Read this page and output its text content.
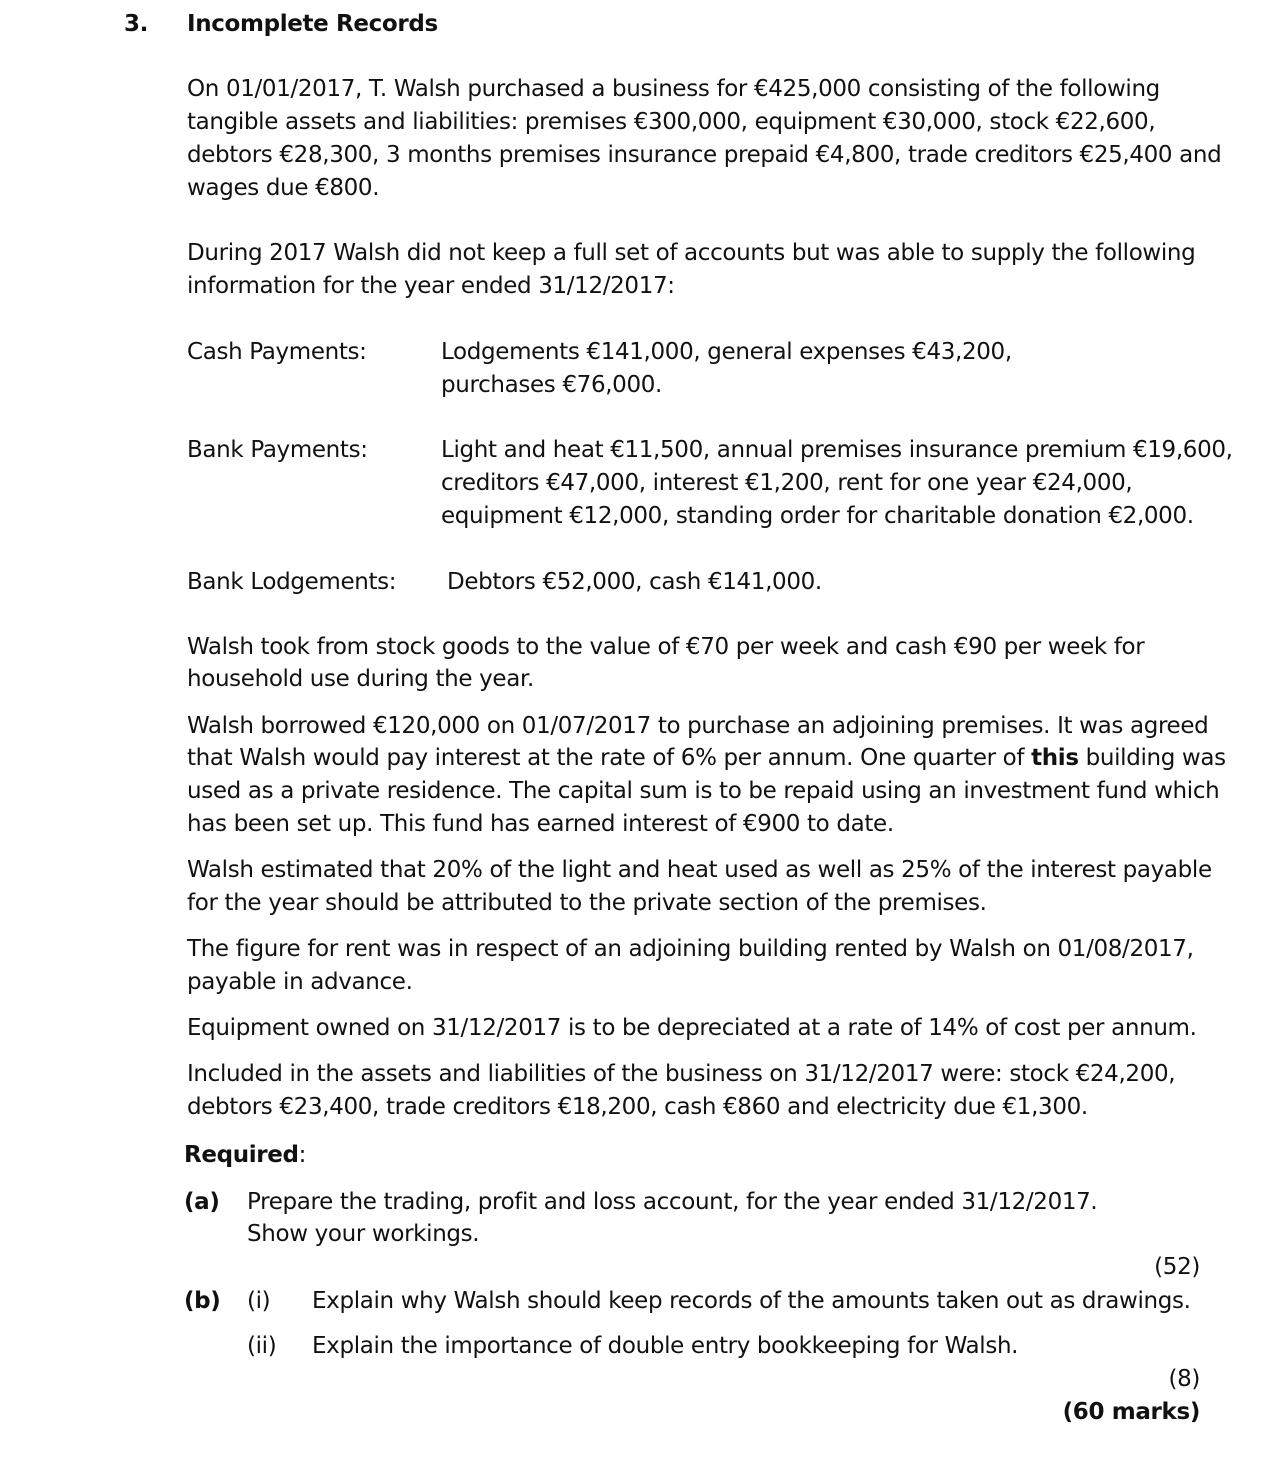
3. Incomplete Records

On 01/01/2017, T. Walsh purchased a business for €425,000 consisting of the following

tangible assets and liabilities: premises €300,000, equipment €30,000, stock €22,600,

debtors €28,300, 3 months premises insurance prepaid €4,800, trade creditors €25,400 and

wages due €800.

During 2017 Walsh did not keep a full set of accounts but was able to supply the following

information for the year ended 31/12/2017:

Cash Payments:	Lodgements €141,000, general expenses €43,200,

purchases €76,000.

Bank Payments:	Light and heat €11,500, annual premises insurance premium €19,600,

creditors €47,000, interest €1,200, rent for one year €24,000,

equipment €12,000, standing order for charitable donation €2,000.

Bank Lodgements: Debtors €52,000, cash €141,000.

Walsh took from stock goods to the value of €70 per week and cash €90 per week for

household use during the year.

Walsh borrowed €120,000 on 01/07/2017 to purchase an adjoining premises. It was agreed

that Walsh would pay interest at the rate of 6% per annum. One quarter of this building was

used as a private residence. The capital sum is to be repaid using an investment fund which

has been set up. This fund has earned interest of €900 to date.

Walsh estimated that 20% of the light and heat used as well as 25% of the interest payable

for the year should be attributed to the private section of the premises.

The figure for rent was in respect of an adjoining building rented by Walsh on 01/08/2017,

payable in advance.

Equipment owned on 31/12/2017 is to be depreciated at a rate of 14% of cost per annum.

Included in the assets and liabilities of the business on 31/12/2017 were: stock €24,200,

debtors €23,400, trade creditors €18,200, cash €860 and electricity due €1,300.

Required:

(a) Prepare the trading, profit and loss account, for the year ended 31/12/2017.

Show your workings.

(52)

(b) (i) Explain why Walsh should keep records of the amounts taken out as drawings.

(ii) Explain the importance of double entry bookkeeping for Walsh.

(8)

(60 marks)
